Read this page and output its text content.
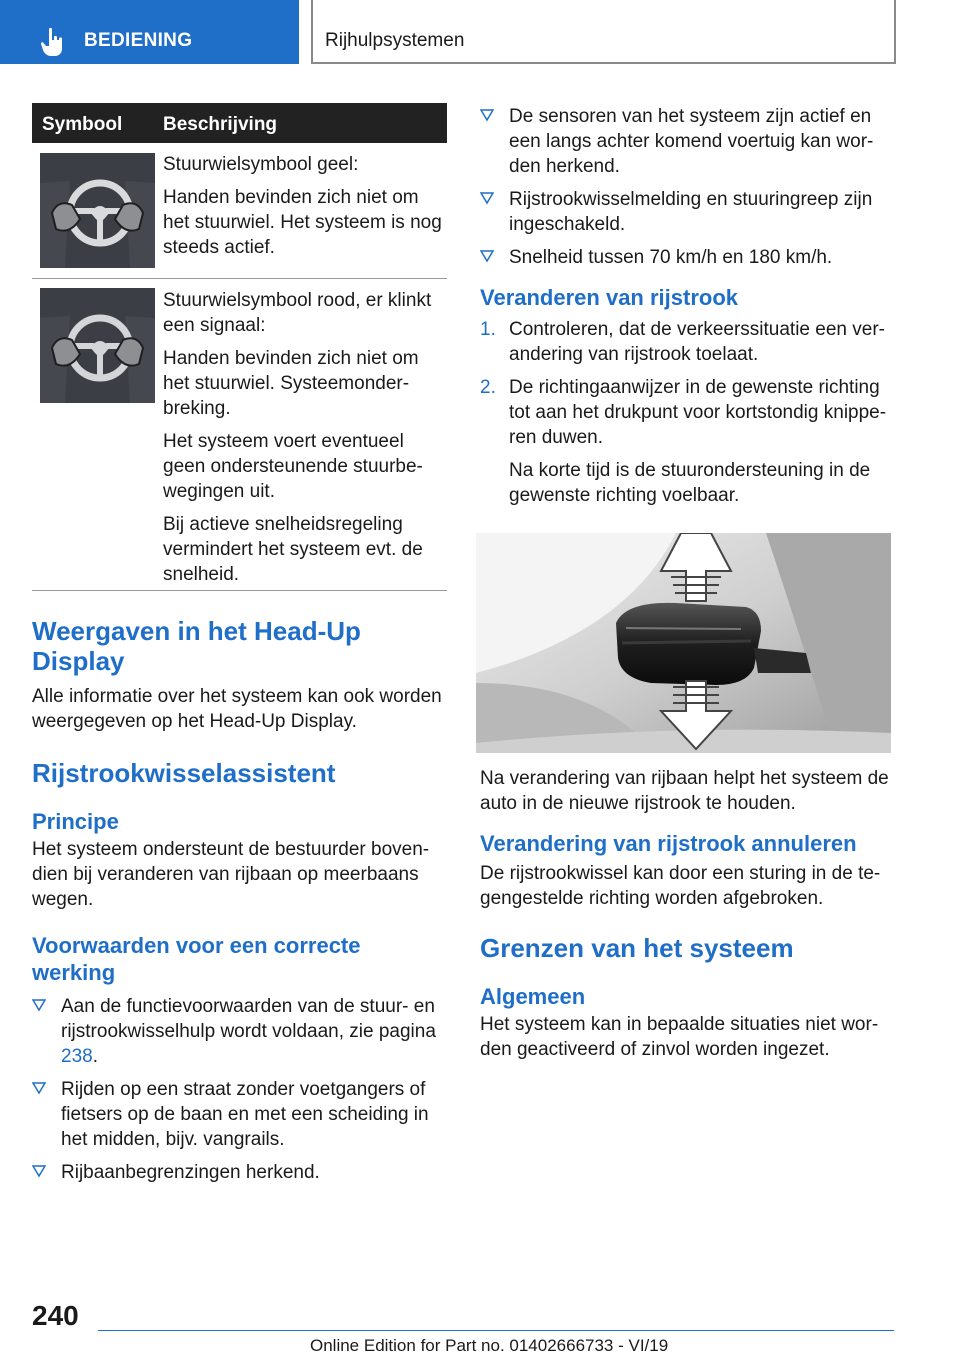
BEDIENING	Rijhulpsystemen
Symbool Beschrijving

Stuurwielsymbool geel:

Handen bevinden zich niet om het stuurwiel. Het systeem is nog steeds actief.

Stuurwielsymbool rood, er klinkt een signaal:

Handen bevinden zich niet om het stuurwiel. Systeemonderbreking.

Het systeem voert eventueel geen ondersteunende stuurbewegingen uit.

Bij actieve snelheidsregeling vermindert het systeem evt. de snelheid.

Weergaven in het Head-Up Display
Alle informatie over het systeem kan ook worden weergegeven op het Head-Up Display.
Rijstrookwisselassistent
Principe
Het systeem ondersteunt de bestuurder bovendien bij veranderen van rijbaan op meerbaans wegen.
Voorwaarden voor een correcte werking
Aan de functievoorwaarden van de stuur- en rijstrookwisselhulp wordt voldaan, zie pagina 238.
Rijden op een straat zonder voetgangers of fietsers op de baan en met een scheiding in het midden, bijv. vangrails.
Rijbaanbegrenzingen herkend.
De sensoren van het systeem zijn actief en een langs achter komend voertuig kan worden herkend.
Rijstrookwisselmelding en stuuringreep zijn ingeschakeld.
Snelheid tussen 70 km/h en 180 km/h.
Veranderen van rijstrook
1. Controleren, dat de verkeerssituatie een verandering van rijstrook toelaat.
2. De richtingaanwijzer in de gewenste richting tot aan het drukpunt voor kortstondig knipperen duwen.
Na korte tijd is de stuurondersteuning in de gewenste richting voelbaar.
Na verandering van rijbaan helpt het systeem de auto in de nieuwe rijstrook te houden.
Verandering van rijstrook annuleren
De rijstrookwissel kan door een sturing in de tegengestelde richting worden afgebroken.
Grenzen van het systeem
Algemeen
Het systeem kan in bepaalde situaties niet worden geactiveerd of zinvol worden ingezet.
240
Online Edition for Part no. 01402666733 - VI/19
